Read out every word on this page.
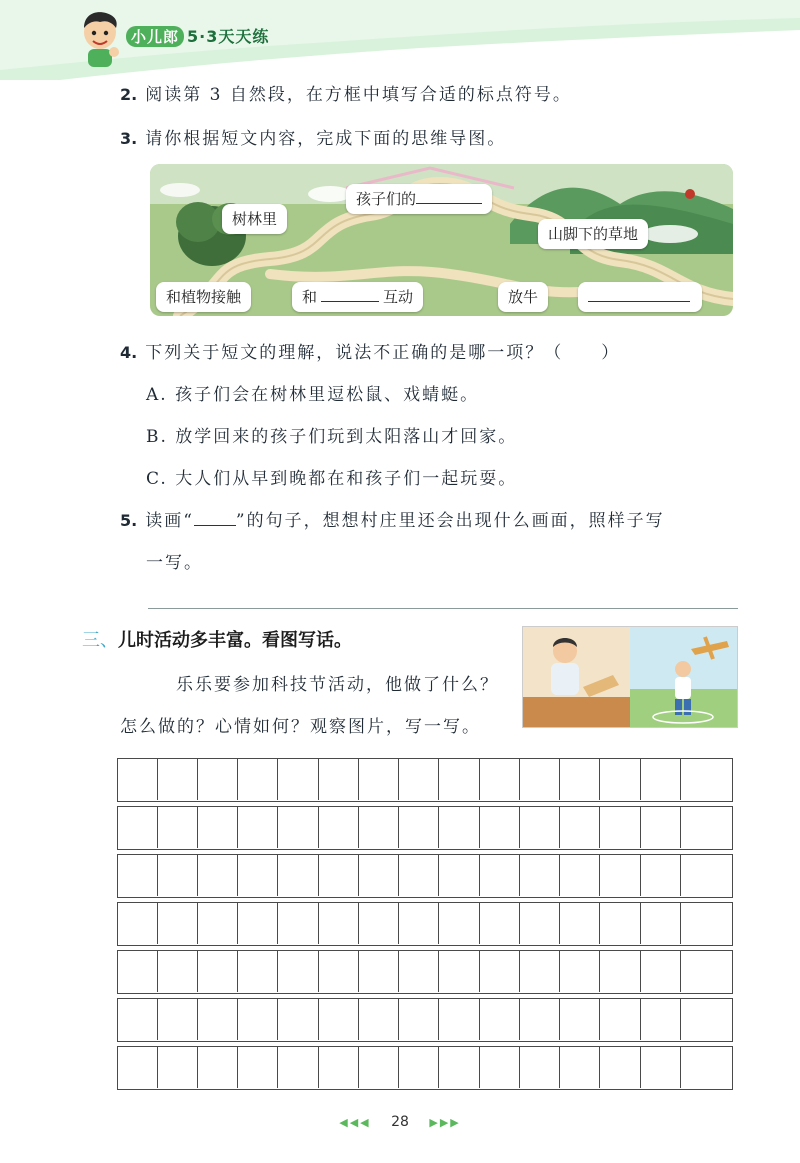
小儿郎 5·3天天练
2. 阅读第 3 自然段，在方框中填写合适的标点符号。
3. 请你根据短文内容，完成下面的思维导图。
孩子们的
树林里
山脚下的草地
和植物接触	和	互动	放牛
4. 下列关于短文的理解，说法不正确的是哪一项？（　　）
A. 孩子们会在树林里逗松鼠、戏蜻蜓。
B. 放学回来的孩子们玩到太阳落山才回家。
C. 大人们从早到晚都在和孩子们一起玩耍。
5. 读画“ ”的句子，想想村庄里还会出现什么画面，照样子写
一写。
三、儿时活动多丰富。看图写话。
乐乐要参加科技节活动，他做了什么？
怎么做的？心情如何？观察图片，写一写。
◀◀◀ 28 ▶▶▶
